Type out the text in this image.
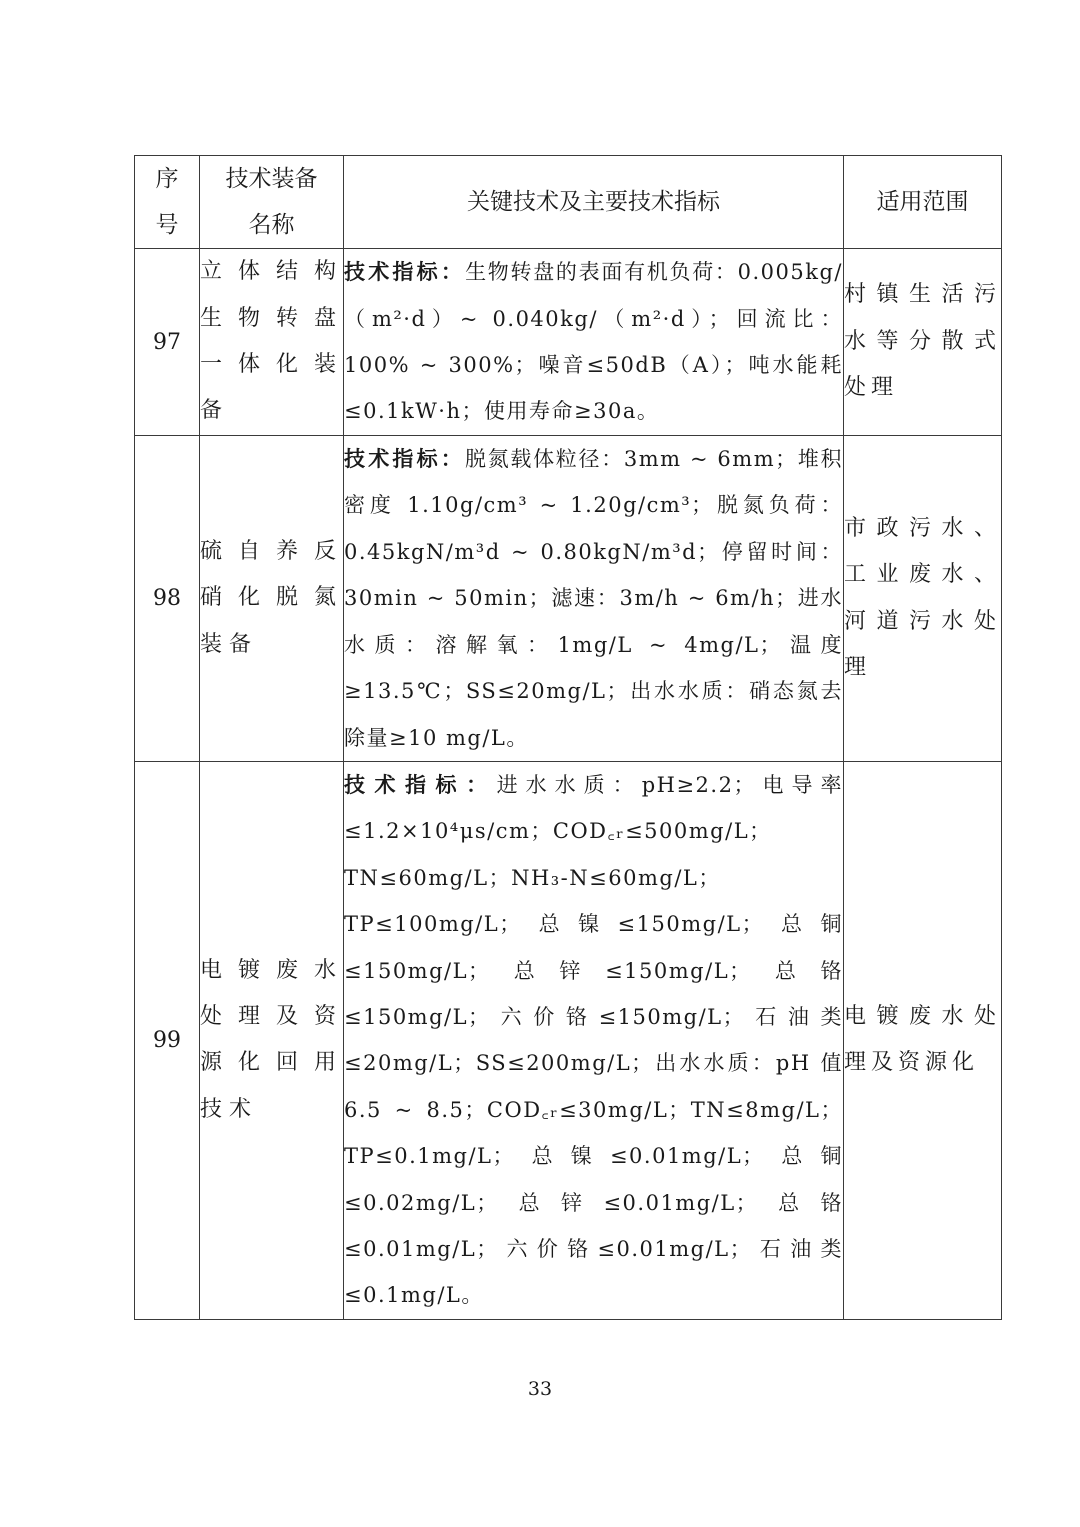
序号	技术装备名称	关键技术及主要技术指标	适用范围
97	立体结构生物转盘一体化装备	技术指标：生物转盘的表面有机负荷：0.005kg/（m²·d）~ 0.040kg/（m²·d）；回流比：100% ~ 300%；噪音≤50dB（A）；吨水能耗≤0.1kW·h；使用寿命≥30a。	村镇生活污水等分散式处理
98	硫自养反硝化脱氮装备	技术指标：脱氮载体粒径：3mm ~ 6mm；堆积密度 1.10g/cm³ ~ 1.20g/cm³；脱氮负荷：0.45kgN/m³d ~ 0.80kgN/m³d；停留时间：30min ~ 50min；滤速：3m/h ~ 6m/h；进水水质：溶解氧：1mg/L ~ 4mg/L；温度≥13.5℃；SS≤20mg/L；出水水质：硝态氮去除量≥10 mg/L。	市政污水、工业废水、河道污水处理
99	电镀废水处理及资源化回用技术	技术指标：进水水质：pH≥2.2；电导率≤1.2×10⁴μs/cm；COD꜀ᵣ≤500mg/L；TN≤60mg/L；NH₃-N≤60mg/L；TP≤100mg/L；总镍≤150mg/L；总铜≤150mg/L；总锌≤150mg/L；总铬≤150mg/L；六价铬≤150mg/L；石油类≤20mg/L；SS≤200mg/L；出水水质：pH 值 6.5 ~ 8.5；COD꜀ᵣ≤30mg/L；TN≤8mg/L；TP≤0.1mg/L；总镍≤0.01mg/L；总铜≤0.02mg/L；总锌≤0.01mg/L；总铬≤0.01mg/L；六价铬≤0.01mg/L；石油类≤0.1mg/L。	电镀废水处理及资源化
33
